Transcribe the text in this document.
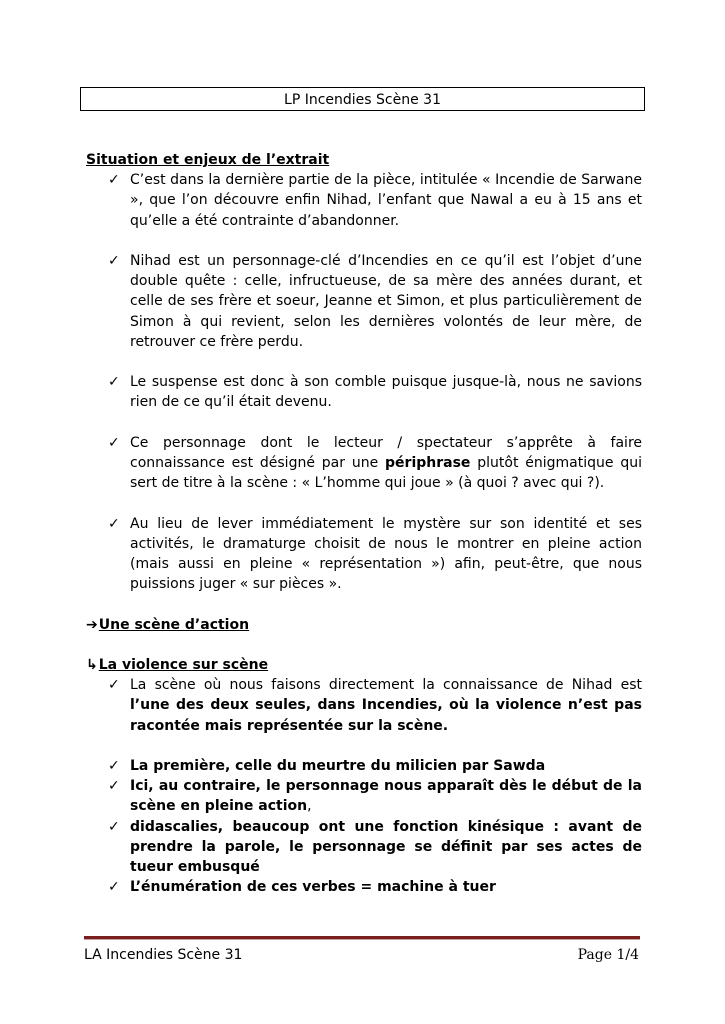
LP Incendies Scène 31

Situation et enjeux de l’extrait

✓ C’est dans la dernière partie de la pièce, intitulée « Incendie de Sarwane », que l’on découvre enfin Nihad, l’enfant que Nawal a eu à 15 ans et qu’elle a été contrainte d’abandonner.
✓ Nihad est un personnage-clé d’Incendies en ce qu’il est l’objet d’une double quête : celle, infructueuse, de sa mère des années durant, et celle de ses frère et soeur, Jeanne et Simon, et plus particulièrement de Simon à qui revient, selon les dernières volontés de leur mère, de retrouver ce frère perdu.
✓ Le suspense est donc à son comble puisque jusque-là, nous ne savions rien de ce qu’il était devenu.
✓ Ce personnage dont le lecteur / spectateur s’apprête à faire connaissance est désigné par une périphrase plutôt énigmatique qui sert de titre à la scène : « L’homme qui joue » (à quoi ? avec qui ?).
✓ Au lieu de lever immédiatement le mystère sur son identité et ses activités, le dramaturge choisit de nous le montrer en pleine action (mais aussi en pleine « représentation ») afin, peut-être, que nous puissions juger « sur pièces ».

➔Une scène d’action

↳La violence sur scène

✓ La scène où nous faisons directement la connaissance de Nihad est l’une des deux seules, dans Incendies, où la violence n’est pas racontée mais représentée sur la scène.
✓ La première, celle du meurtre du milicien par Sawda
✓ Ici, au contraire, le personnage nous apparaît dès le début de la scène en pleine action,
✓ didascalies, beaucoup ont une fonction kinésique : avant de prendre la parole, le personnage se définit par ses actes de tueur embusqué
✓ L’énumération de ces verbes = machine à tuer
LA Incendies Scène 31	Page 1/4
